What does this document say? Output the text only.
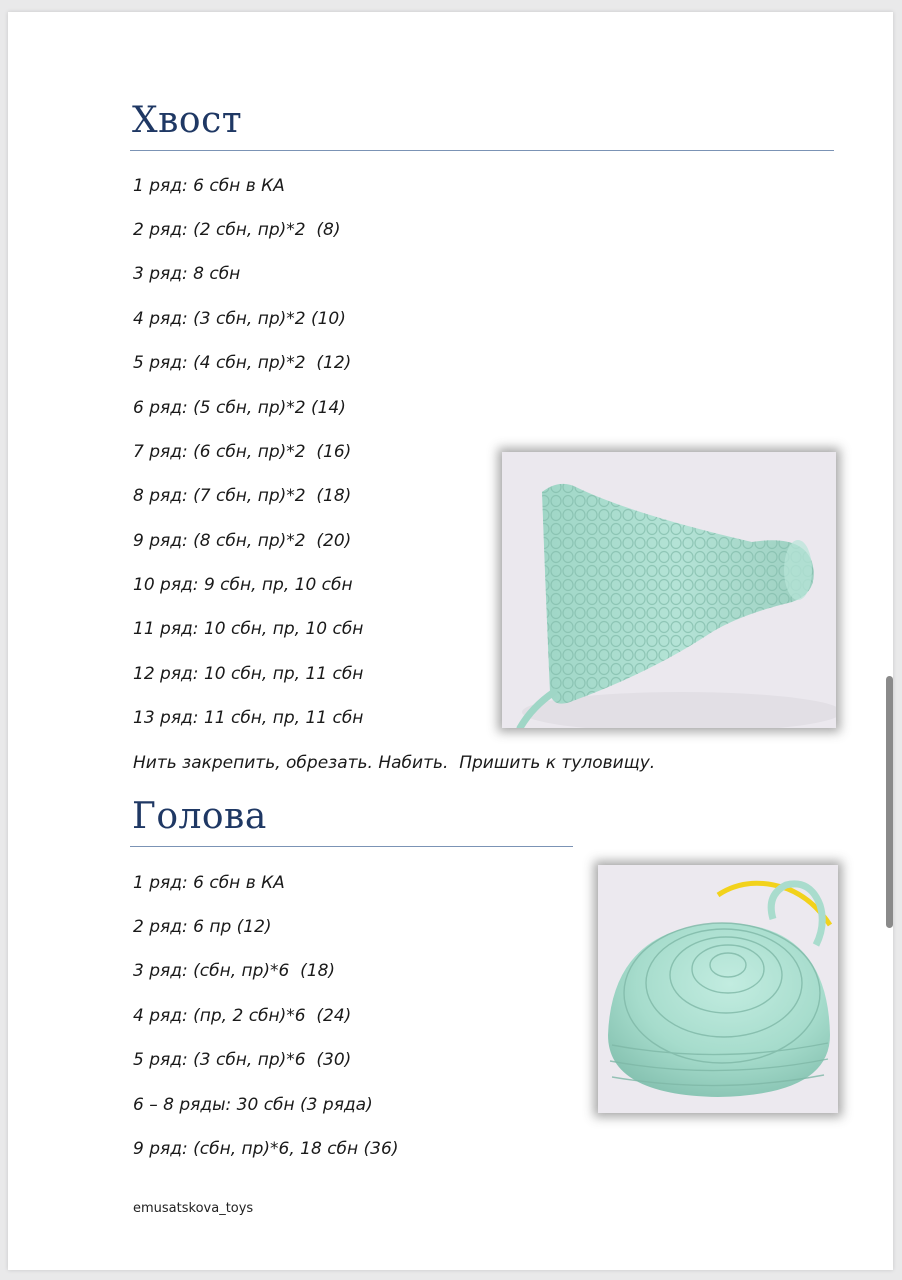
Хвост
1 ряд: 6 сбн в КА
2 ряд: (2 сбн, пр)*2  (8)
3 ряд: 8 сбн
4 ряд: (3 сбн, пр)*2 (10)
5 ряд: (4 сбн, пр)*2  (12)
6 ряд: (5 сбн, пр)*2 (14)
7 ряд: (6 сбн, пр)*2  (16)
8 ряд: (7 сбн, пр)*2  (18)
9 ряд: (8 сбн, пр)*2  (20)
10 ряд: 9 сбн, пр, 10 сбн
11 ряд: 10 сбн, пр, 10 сбн
12 ряд: 10 сбн, пр, 11 сбн
13 ряд: 11 сбн, пр, 11 сбн

Нить закрепить, обрезать. Набить.  Пришить к туловищу.

Голова
1 ряд: 6 сбн в КА
2 ряд: 6 пр (12)
3 ряд: (сбн, пр)*6  (18)
4 ряд: (пр, 2 сбн)*6  (24)
5 ряд: (3 сбн, пр)*6  (30)
6 – 8 ряды: 30 сбн (3 ряда)
9 ряд: (сбн, пр)*6, 18 сбн (36)
emusatskova_toys
